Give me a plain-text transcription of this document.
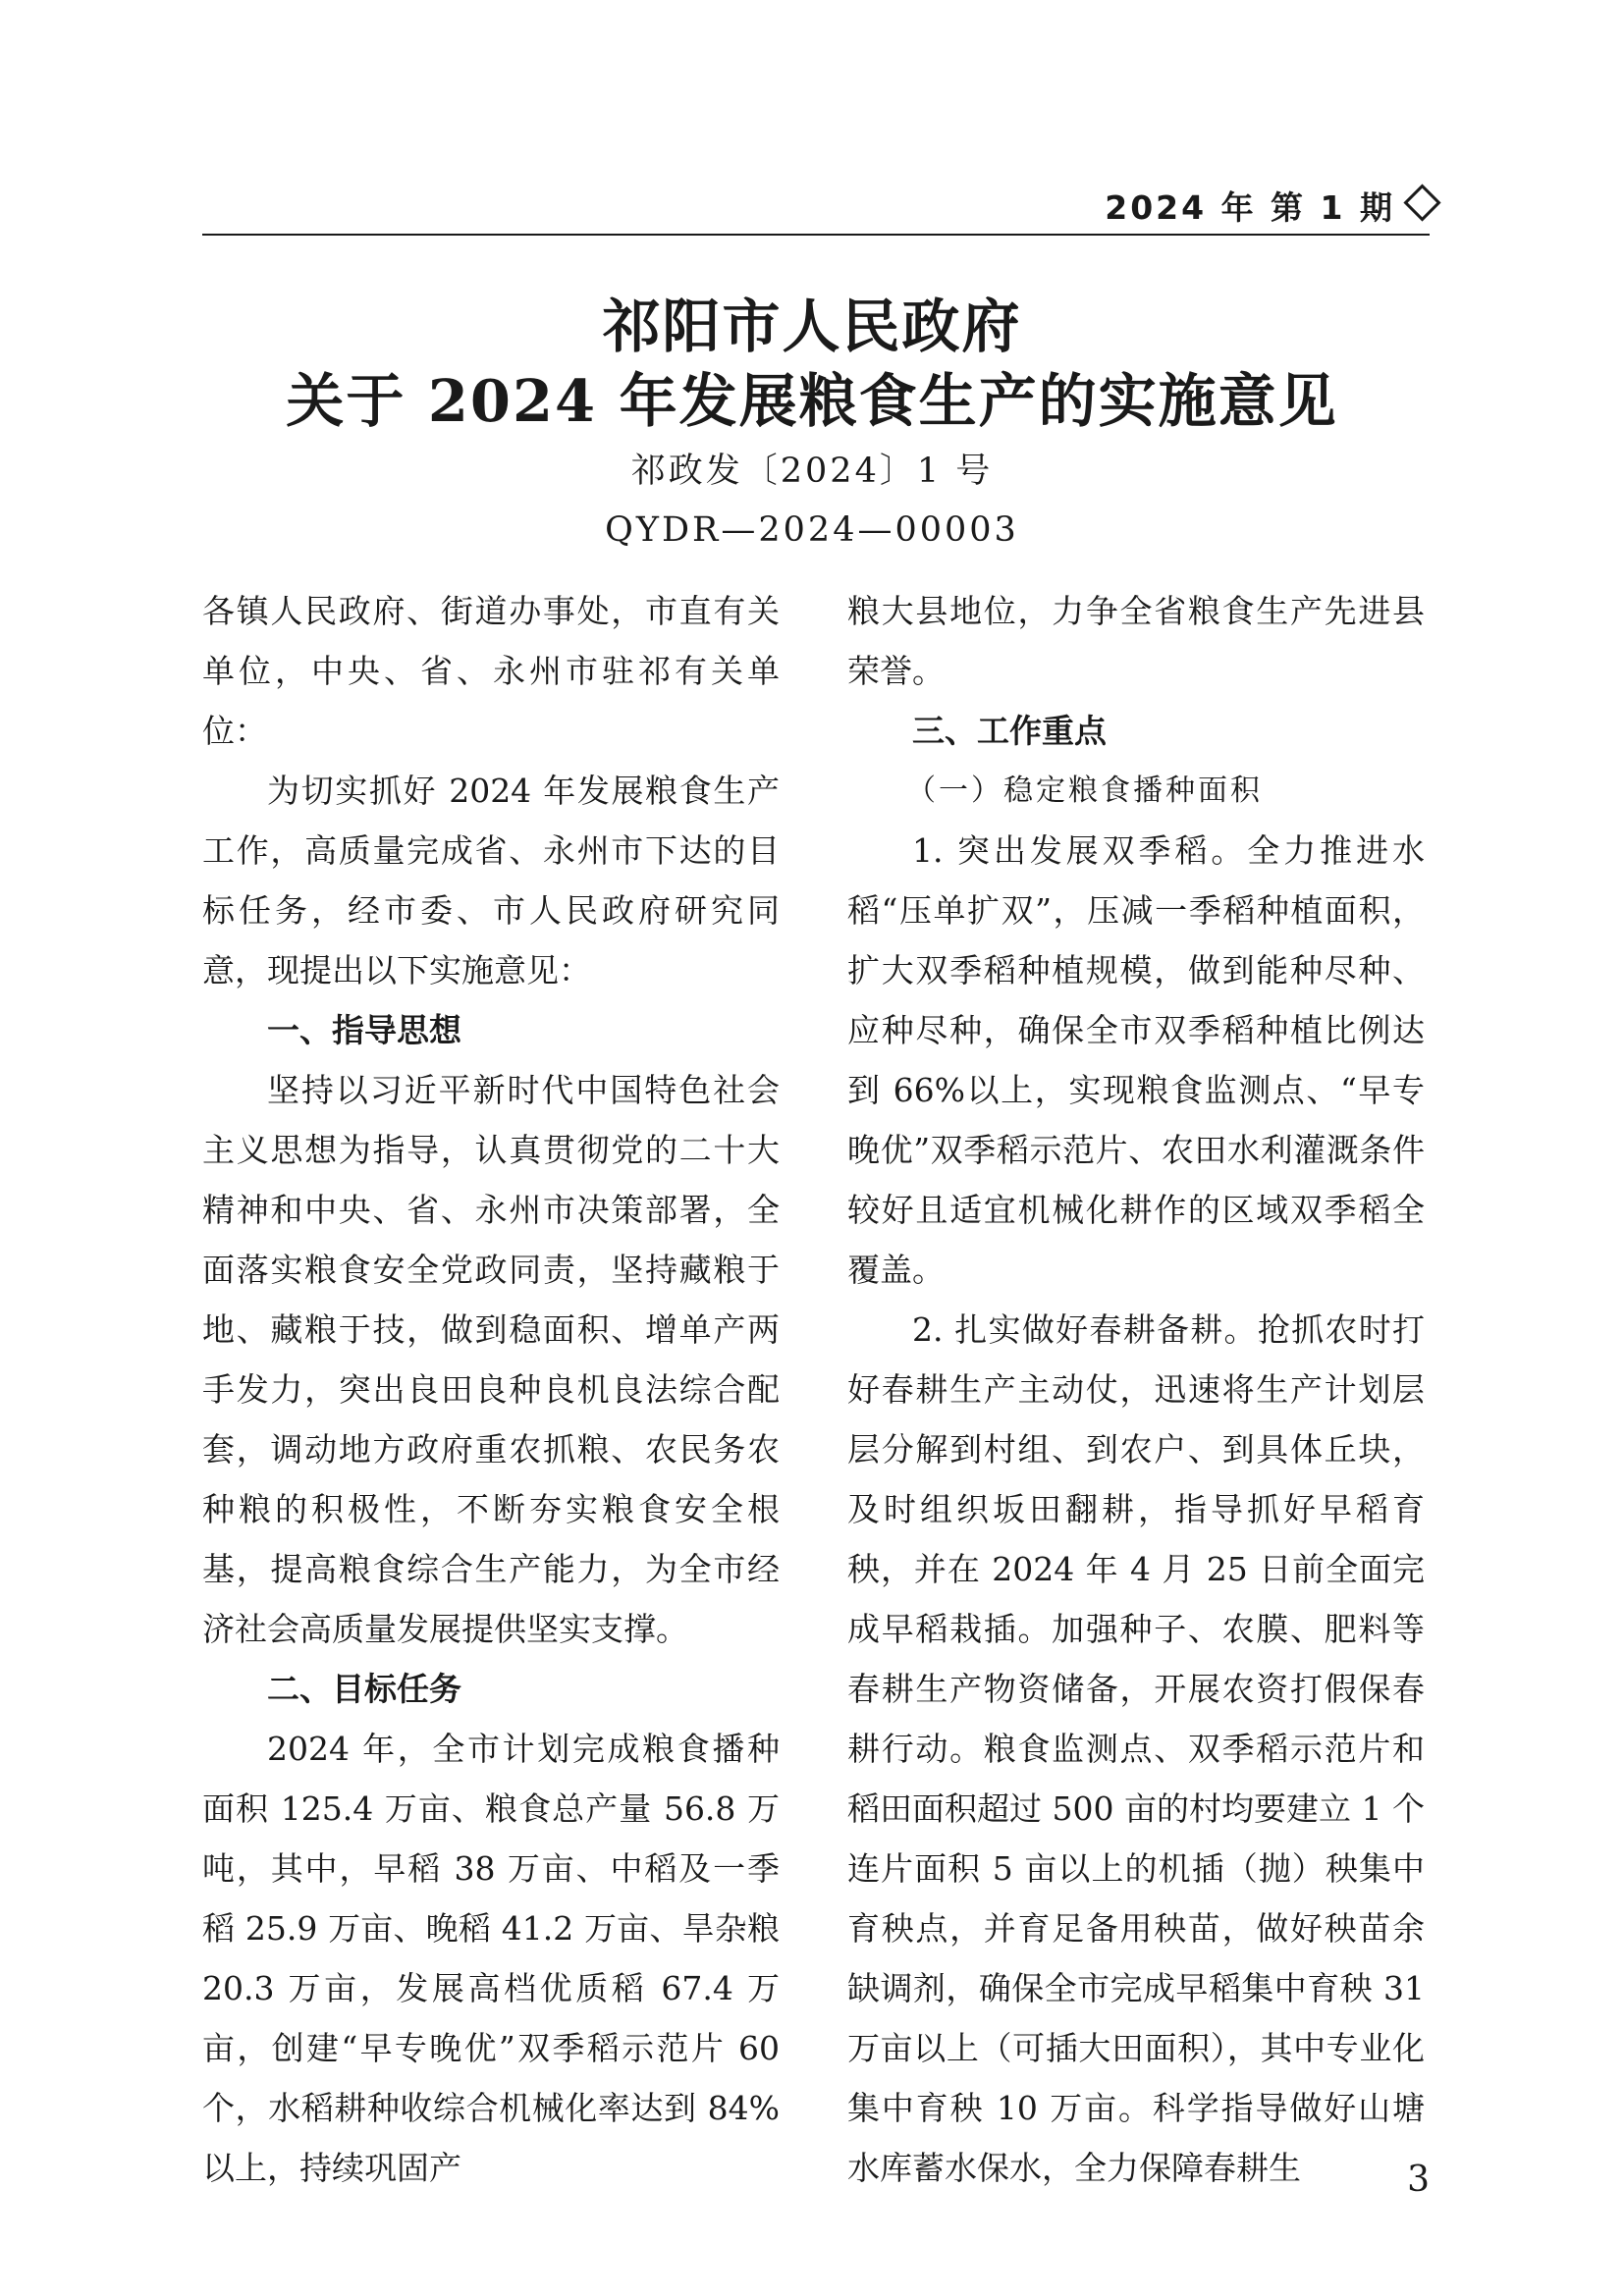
2024 年 第 1 期
祁阳市人民政府
关于 2024 年发展粮食生产的实施意见
祁政发〔2024〕1 号
QYDR—2024—00003

各镇人民政府、街道办事处，市直有关单位，中央、省、永州市驻祁有关单位：

为切实抓好 2024 年发展粮食生产工作，高质量完成省、永州市下达的目标任务，经市委、市人民政府研究同意，现提出以下实施意见：

一、指导思想

坚持以习近平新时代中国特色社会主义思想为指导，认真贯彻党的二十大精神和中央、省、永州市决策部署，全面落实粮食安全党政同责，坚持藏粮于地、藏粮于技，做到稳面积、增单产两手发力，突出良田良种良机良法综合配套，调动地方政府重农抓粮、农民务农种粮的积极性，不断夯实粮食安全根基，提高粮食综合生产能力，为全市经济社会高质量发展提供坚实支撑。

二、目标任务

2024 年，全市计划完成粮食播种面积 125.4 万亩、粮食总产量 56.8 万吨，其中，早稻 38 万亩、中稻及一季稻 25.9 万亩、晚稻 41.2 万亩、旱杂粮 20.3 万亩，发展高档优质稻 67.4 万亩，创建“早专晚优”双季稻示范片 60 个，水稻耕种收综合机械化率达到 84%以上，持续巩固产

粮大县地位，力争全省粮食生产先进县荣誉。

三、工作重点

（一）稳定粮食播种面积

1. 突出发展双季稻。全力推进水稻“压单扩双”，压减一季稻种植面积，扩大双季稻种植规模，做到能种尽种、应种尽种，确保全市双季稻种植比例达到 66%以上，实现粮食监测点、“早专晚优”双季稻示范片、农田水利灌溉条件较好且适宜机械化耕作的区域双季稻全覆盖。

2. 扎实做好春耕备耕。抢抓农时打好春耕生产主动仗，迅速将生产计划层层分解到村组、到农户、到具体丘块，及时组织坂田翻耕，指导抓好早稻育秧，并在 2024 年 4 月 25 日前全面完成早稻栽插。加强种子、农膜、肥料等春耕生产物资储备，开展农资打假保春耕行动。粮食监测点、双季稻示范片和稻田面积超过 500 亩的村均要建立 1 个连片面积 5 亩以上的机插（抛）秧集中育秧点，并育足备用秧苗，做好秧苗余缺调剂，确保全市完成早稻集中育秧 31 万亩以上（可插大田面积），其中专业化集中育秧 10 万亩。科学指导做好山塘水库蓄水保水，全力保障春耕生	3
